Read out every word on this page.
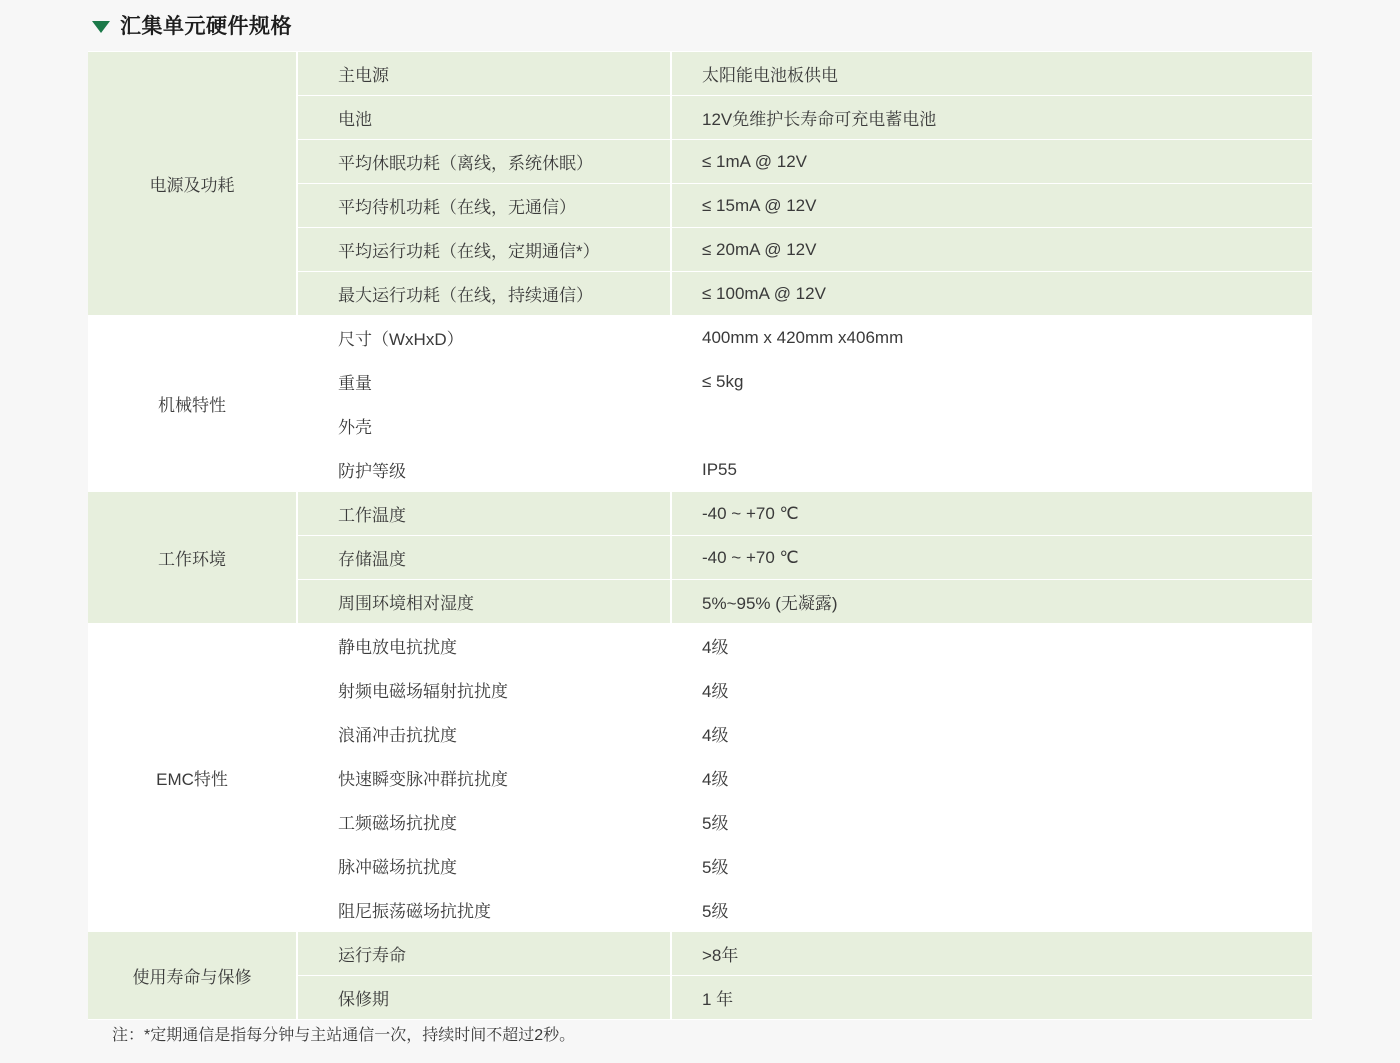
汇集单元硬件规格
电源及功耗	主电源	太阳能电池板供电
	电池	12V免维护长寿命可充电蓄电池
	平均休眠功耗（离线，系统休眠）	≤ 1mA @ 12V
	平均待机功耗（在线，无通信）	≤ 15mA @ 12V
	平均运行功耗（在线，定期通信*）	≤ 20mA @ 12V
	最大运行功耗（在线，持续通信）	≤ 100mA @ 12V
机械特性	尺寸（WxHxD）	400mm x 420mm x406mm
	重量	≤ 5kg
	外壳	
	防护等级	IP55
工作环境	工作温度	-40 ~ +70 ℃
	存储温度	-40 ~ +70 ℃
	周围环境相对湿度	5%~95% (无凝露)
EMC特性	静电放电抗扰度	4级
	射频电磁场辐射抗扰度	4级
	浪涌冲击抗扰度	4级
	快速瞬变脉冲群抗扰度	4级
	工频磁场抗扰度	5级
	脉冲磁场抗扰度	5级
	阻尼振荡磁场抗扰度	5级
使用寿命与保修	运行寿命	>8年
	保修期	1 年
注：*定期通信是指每分钟与主站通信一次，持续时间不超过2秒。
